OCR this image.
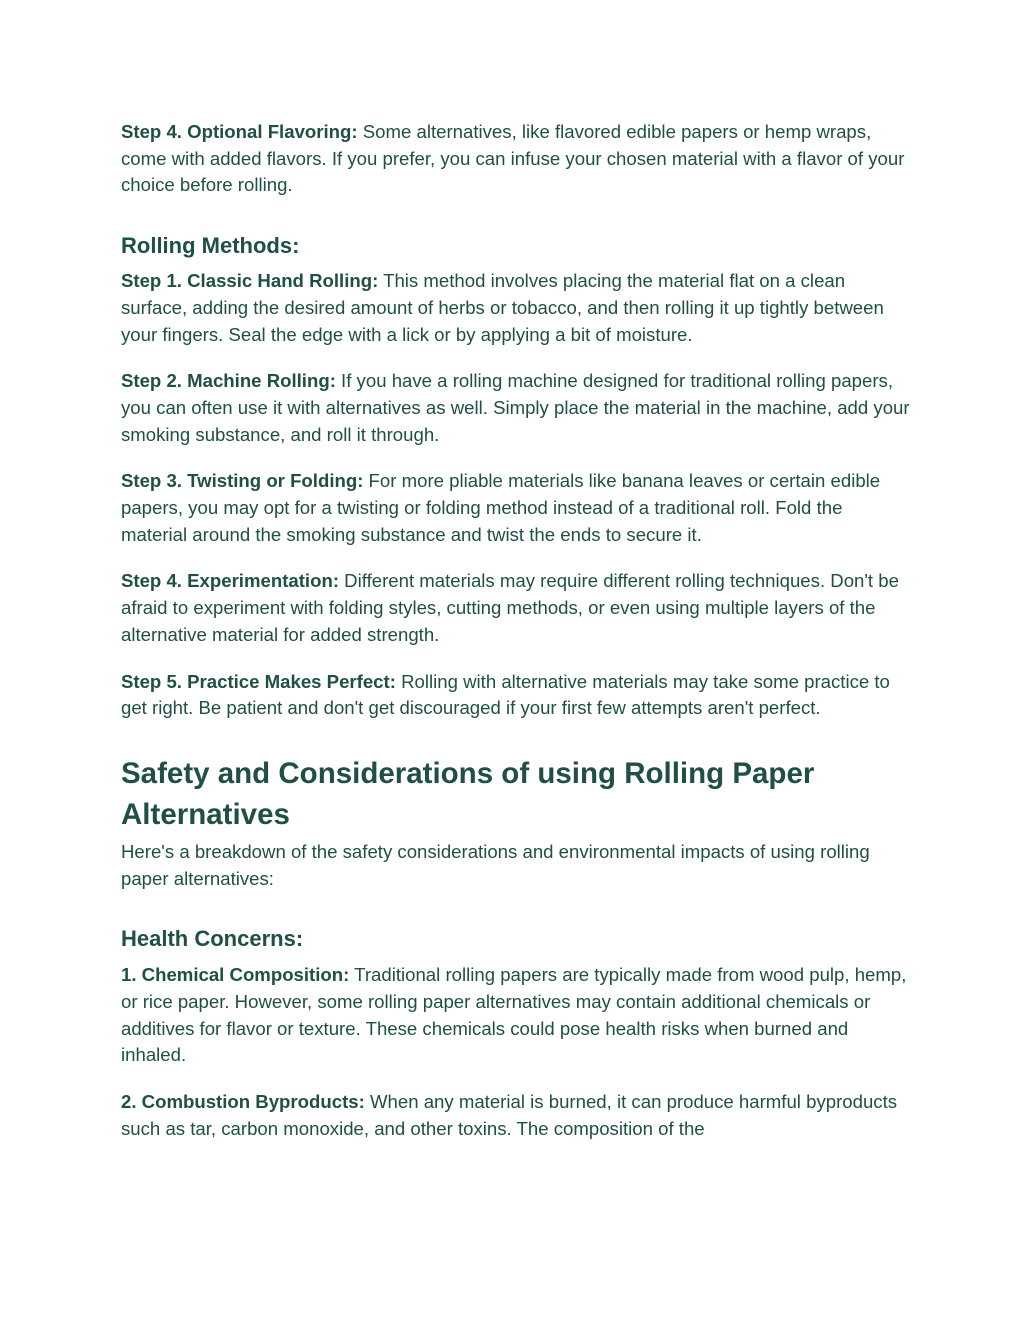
Step 4. Optional Flavoring: Some alternatives, like flavored edible papers or hemp wraps, come with added flavors. If you prefer, you can infuse your chosen material with a flavor of your choice before rolling.

Rolling Methods:

Step 1. Classic Hand Rolling: This method involves placing the material flat on a clean surface, adding the desired amount of herbs or tobacco, and then rolling it up tightly between your fingers. Seal the edge with a lick or by applying a bit of moisture.

Step 2. Machine Rolling: If you have a rolling machine designed for traditional rolling papers, you can often use it with alternatives as well. Simply place the material in the machine, add your smoking substance, and roll it through.

Step 3. Twisting or Folding: For more pliable materials like banana leaves or certain edible papers, you may opt for a twisting or folding method instead of a traditional roll. Fold the material around the smoking substance and twist the ends to secure it.

Step 4. Experimentation: Different materials may require different rolling techniques. Don't be afraid to experiment with folding styles, cutting methods, or even using multiple layers of the alternative material for added strength.

Step 5. Practice Makes Perfect: Rolling with alternative materials may take some practice to get right. Be patient and don't get discouraged if your first few attempts aren't perfect.

Safety and Considerations of using Rolling Paper Alternatives

Here's a breakdown of the safety considerations and environmental impacts of using rolling paper alternatives:

Health Concerns:

1. Chemical Composition: Traditional rolling papers are typically made from wood pulp, hemp, or rice paper. However, some rolling paper alternatives may contain additional chemicals or additives for flavor or texture. These chemicals could pose health risks when burned and inhaled.

2. Combustion Byproducts: When any material is burned, it can produce harmful byproducts such as tar, carbon monoxide, and other toxins. The composition of the
